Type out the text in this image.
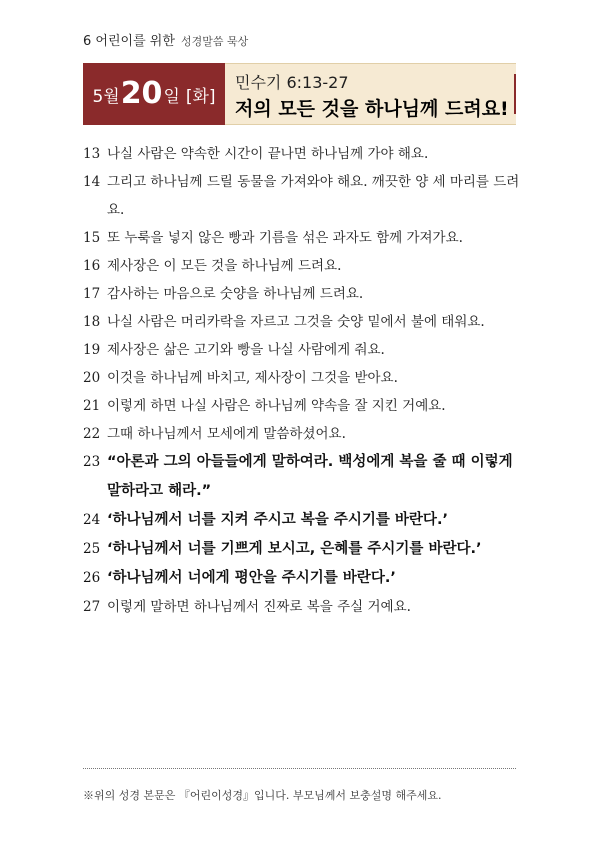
6 어린이를 위한 성경말씀 묵상
5월 20 일 [화]
민수기 6:13-27
저의 모든 것을 하나님께 드려요!
13 나실 사람은 약속한 시간이 끝나면 하나님께 가야 해요.
14 그리고 하나님께 드릴 동물을 가져와야 해요. 깨끗한 양 세 마리를 드려요.
15 또 누룩을 넣지 않은 빵과 기름을 섞은 과자도 함께 가져가요.
16 제사장은 이 모든 것을 하나님께 드려요.
17 감사하는 마음으로 숫양을 하나님께 드려요.
18 나실 사람은 머리카락을 자르고 그것을 숫양 밑에서 불에 태워요.
19 제사장은 삶은 고기와 빵을 나실 사람에게 줘요.
20 이것을 하나님께 바치고, 제사장이 그것을 받아요.
21 이렇게 하면 나실 사람은 하나님께 약속을 잘 지킨 거예요.
22 그때 하나님께서 모세에게 말씀하셨어요.
23 “아론과 그의 아들들에게 말하여라. 백성에게 복을 줄 때 이렇게 말하라고 해라.”
24 ‘하나님께서 너를 지켜 주시고 복을 주시기를 바란다.’
25 ‘하나님께서 너를 기쁘게 보시고, 은혜를 주시기를 바란다.’
26 ‘하나님께서 너에게 평안을 주시기를 바란다.’
27 이렇게 말하면 하나님께서 진짜로 복을 주실 거예요.
※위의 성경 본문은 『어린이성경』입니다. 부모님께서 보충설명 해주세요.
